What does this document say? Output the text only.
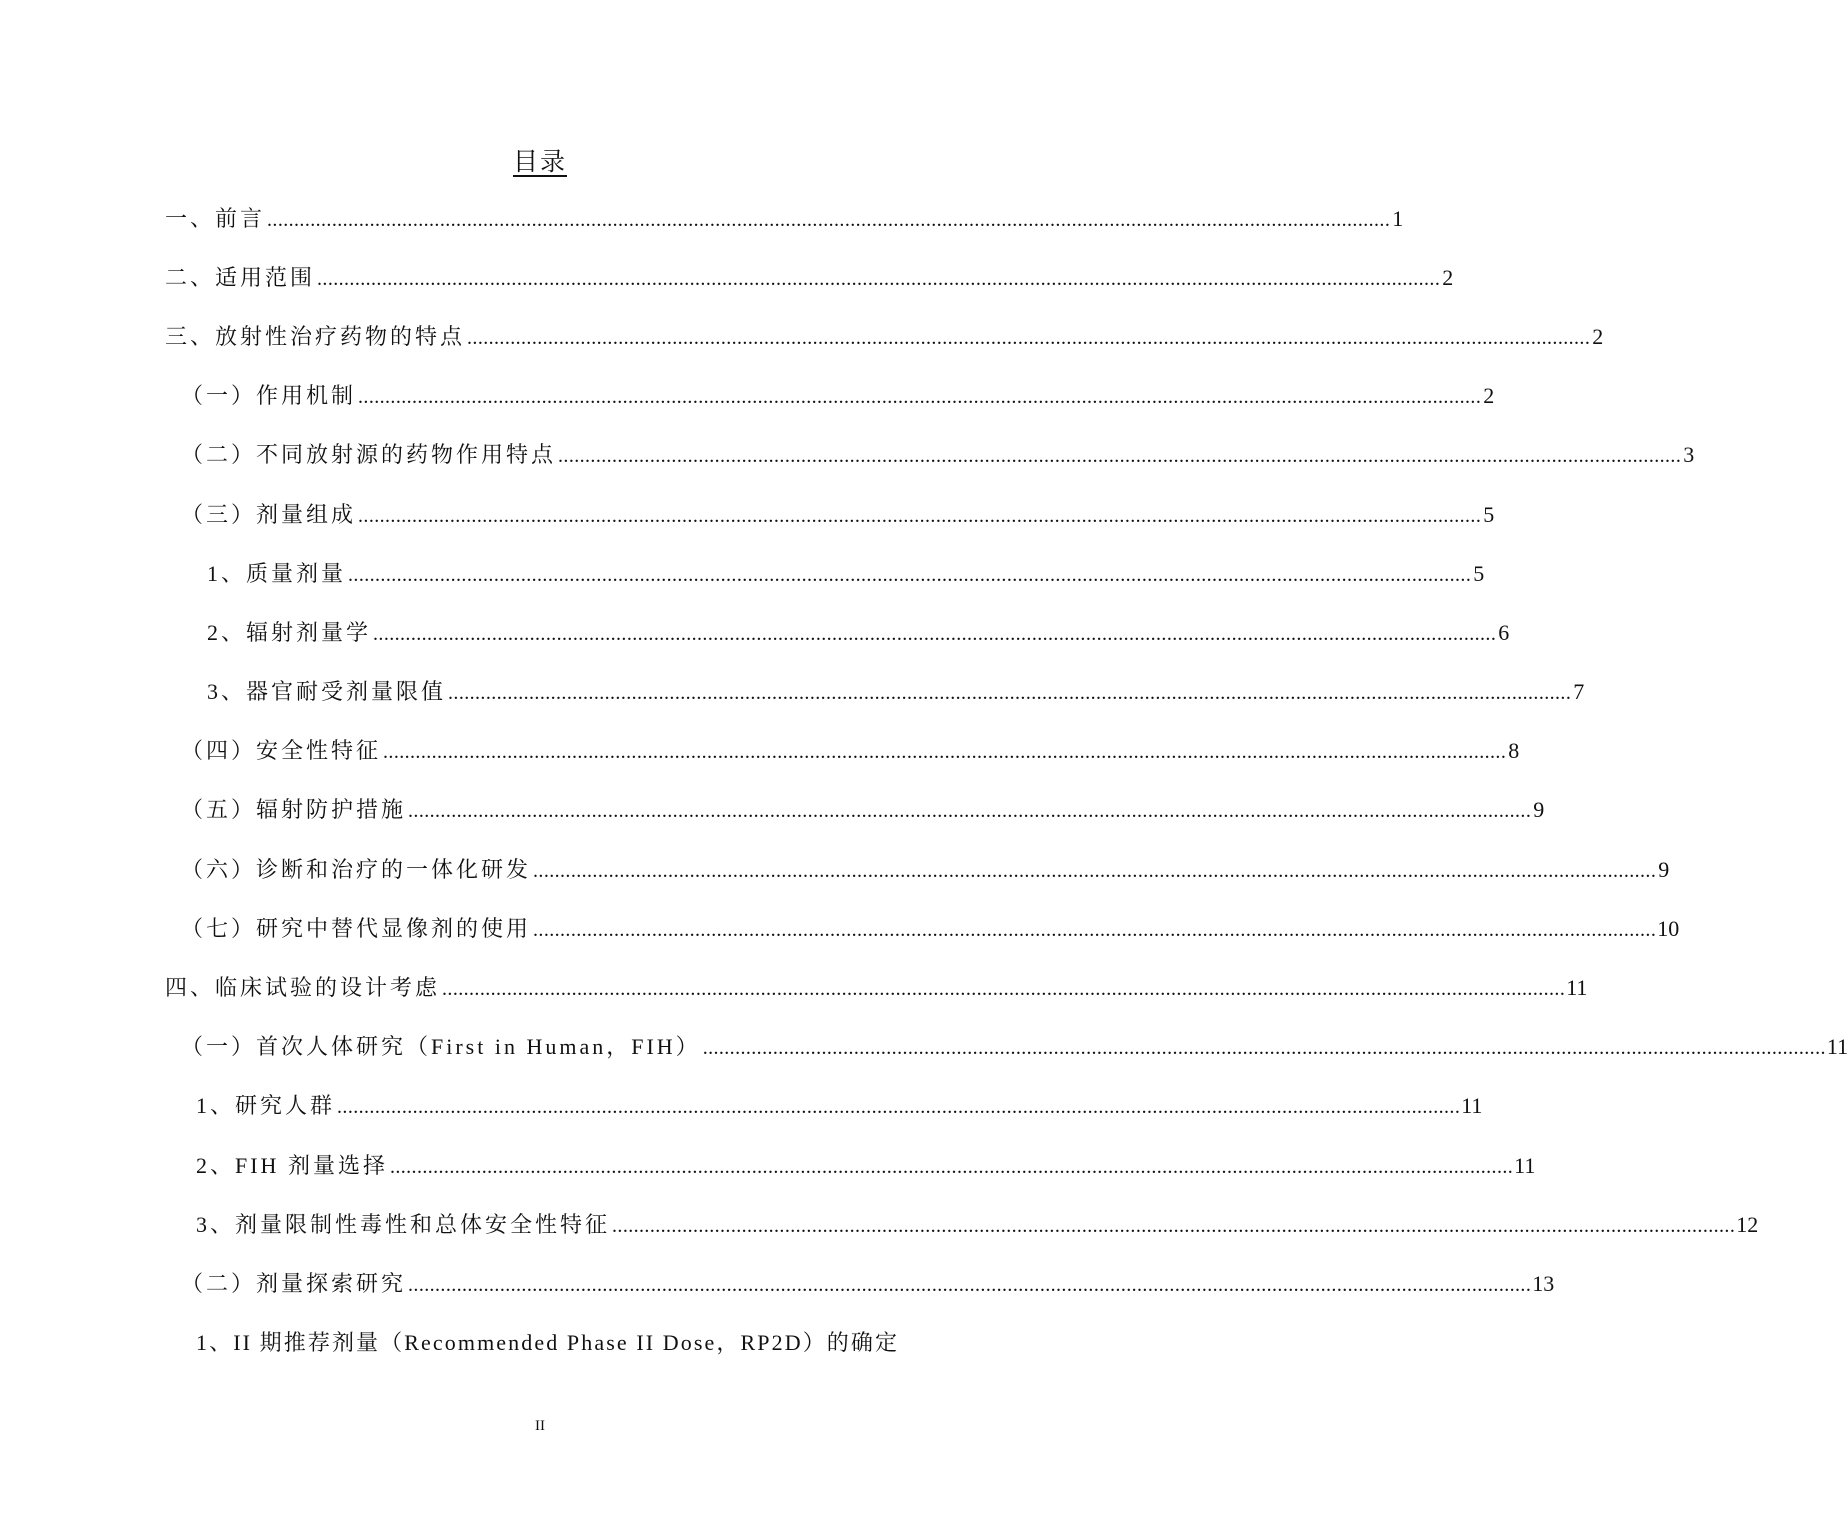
目录
一、前言 ................................................................................................................................................................................................................ 1
二、适用范围 ................................................................................................................................................................................................................ 2
三、放射性治疗药物的特点 ................................................................................................................................................................................................................ 2
（一）作用机制 ................................................................................................................................................................................................................ 2
（二）不同放射源的药物作用特点 ................................................................................................................................................................................................................ 3
（三）剂量组成 ................................................................................................................................................................................................................ 5
1、质量剂量 ................................................................................................................................................................................................................ 5
2、辐射剂量学 ................................................................................................................................................................................................................ 6
3、器官耐受剂量限值 ................................................................................................................................................................................................................ 7
（四）安全性特征 ................................................................................................................................................................................................................ 8
（五）辐射防护措施 ................................................................................................................................................................................................................ 9
（六）诊断和治疗的一体化研发 ................................................................................................................................................................................................................ 9
（七）研究中替代显像剂的使用 ................................................................................................................................................................................................................ 10
四、临床试验的设计考虑 ................................................................................................................................................................................................................ 11
（一）首次人体研究（First in Human，FIH） ................................................................................................................................................................................................................ 11
1、研究人群 ................................................................................................................................................................................................................ 11
2、FIH 剂量选择 ................................................................................................................................................................................................................ 11
3、剂量限制性毒性和总体安全性特征 ................................................................................................................................................................................................................ 12
（二）剂量探索研究 ................................................................................................................................................................................................................ 13
1、II 期推荐剂量（Recommended Phase II Dose，RP2D）的确定
II
